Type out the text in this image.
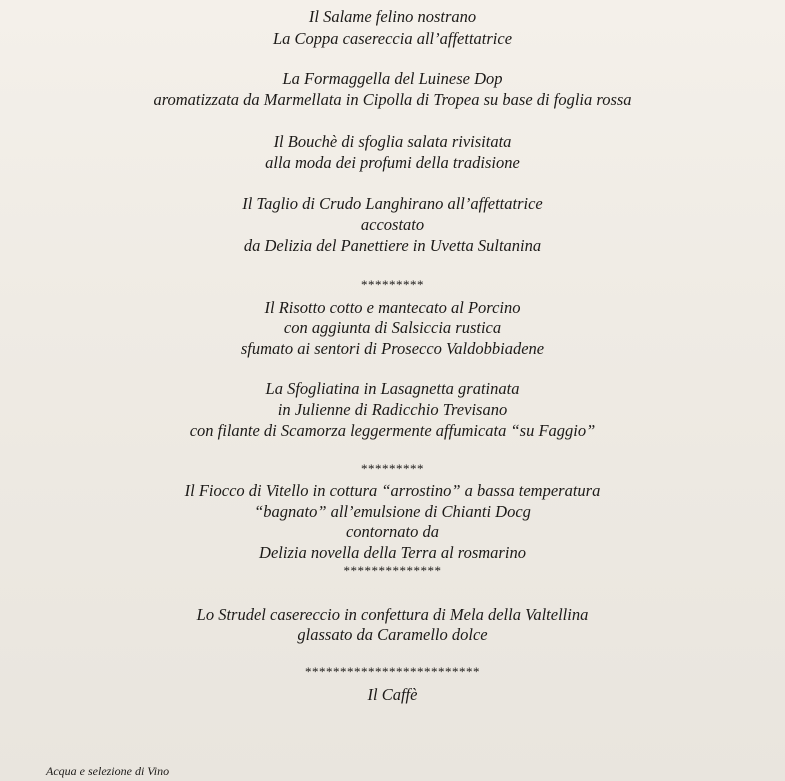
Il Salame felino nostrano
La Coppa casereccia all’affettatrice
La Formaggella del Luinese Dop
aromatizzata da Marmellata in Cipolla di Tropea su base di foglia rossa
Il Bouchè di sfoglia salata rivisitata
alla moda dei profumi della tradisione
Il Taglio di Crudo Langhirano all’affettatrice
accostato
da Delizia del Panettiere in Uvetta Sultanina
*********
Il Risotto cotto e mantecato al Porcino
con aggiunta di Salsiccia rustica
sfumato ai sentori di Prosecco Valdobbiadene
La Sfogliatina in Lasagnetta gratinata
in Julienne di Radicchio Trevisano
con filante di Scamorza leggermente affumicata “su Faggio”
*********
Il Fiocco di Vitello in cottura “arrostino” a bassa temperatura
“bagnato” all’emulsione di Chianti Docg
contornato da
Delizia novella della Terra al rosmarino
**************
Lo Strudel casereccio in confettura di Mela della Valtellina
glassato da Caramello dolce
*************************
Il Caffè
Acqua e selezione di Vino
